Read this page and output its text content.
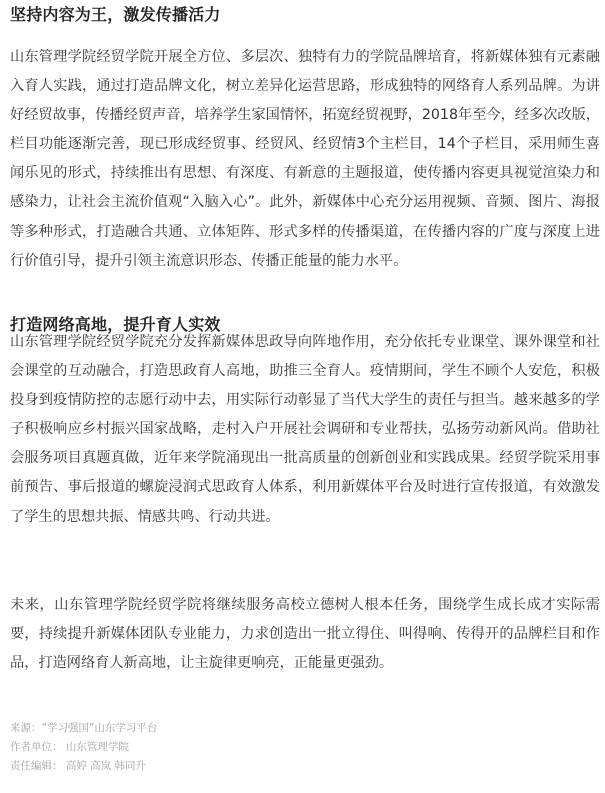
坚持内容为王，激发传播活力

山东管理学院经贸学院开展全方位、多层次、独特有力的学院品牌培育，将新媒体独有元素融入育人实践，通过打造品牌文化，树立差异化运营思路，形成独特的网络育人系列品牌。为讲好经贸故事，传播经贸声音，培养学生家国情怀，拓宽经贸视野，2018年至今，经多次改版，栏目功能逐渐完善，现已形成经贸事、经贸风、经贸情3个主栏目，14个子栏目，采用师生喜闻乐见的形式，持续推出有思想、有深度、有新意的主题报道，使传播内容更具视觉渲染力和感染力，让社会主流价值观“入脑入心”。此外，新媒体中心充分运用视频、音频、图片、海报等多种形式，打造融合共通、立体矩阵、形式多样的传播渠道，在传播内容的广度与深度上进行价值引导，提升引领主流意识形态、传播正能量的能力水平。

打造网络高地，提升育人实效

山东管理学院经贸学院充分发挥新媒体思政导向阵地作用，充分依托专业课堂、课外课堂和社会课堂的互动融合，打造思政育人高地，助推三全育人。疫情期间，学生不顾个人安危，积极投身到疫情防控的志愿行动中去，用实际行动彰显了当代大学生的责任与担当。越来越多的学子积极响应乡村振兴国家战略，走村入户开展社会调研和专业帮扶，弘扬劳动新风尚。借助社会服务项目真题真做，近年来学院涌现出一批高质量的创新创业和实践成果。经贸学院采用事前预告、事后报道的螺旋浸润式思政育人体系，利用新媒体平台及时进行宣传报道，有效激发了学生的思想共振、情感共鸣、行动共进。

未来，山东管理学院经贸学院将继续服务高校立德树人根本任务，围绕学生成长成才实际需要，持续提升新媒体团队专业能力，力求创造出一批立得住、叫得响、传得开的品牌栏目和作品，打造网络育人新高地，让主旋律更响亮，正能量更强劲。

来源：“学习强国”山东学习平台

作者单位： 山东管理学院

责任编辑： 高婷 高岚 韩同升
